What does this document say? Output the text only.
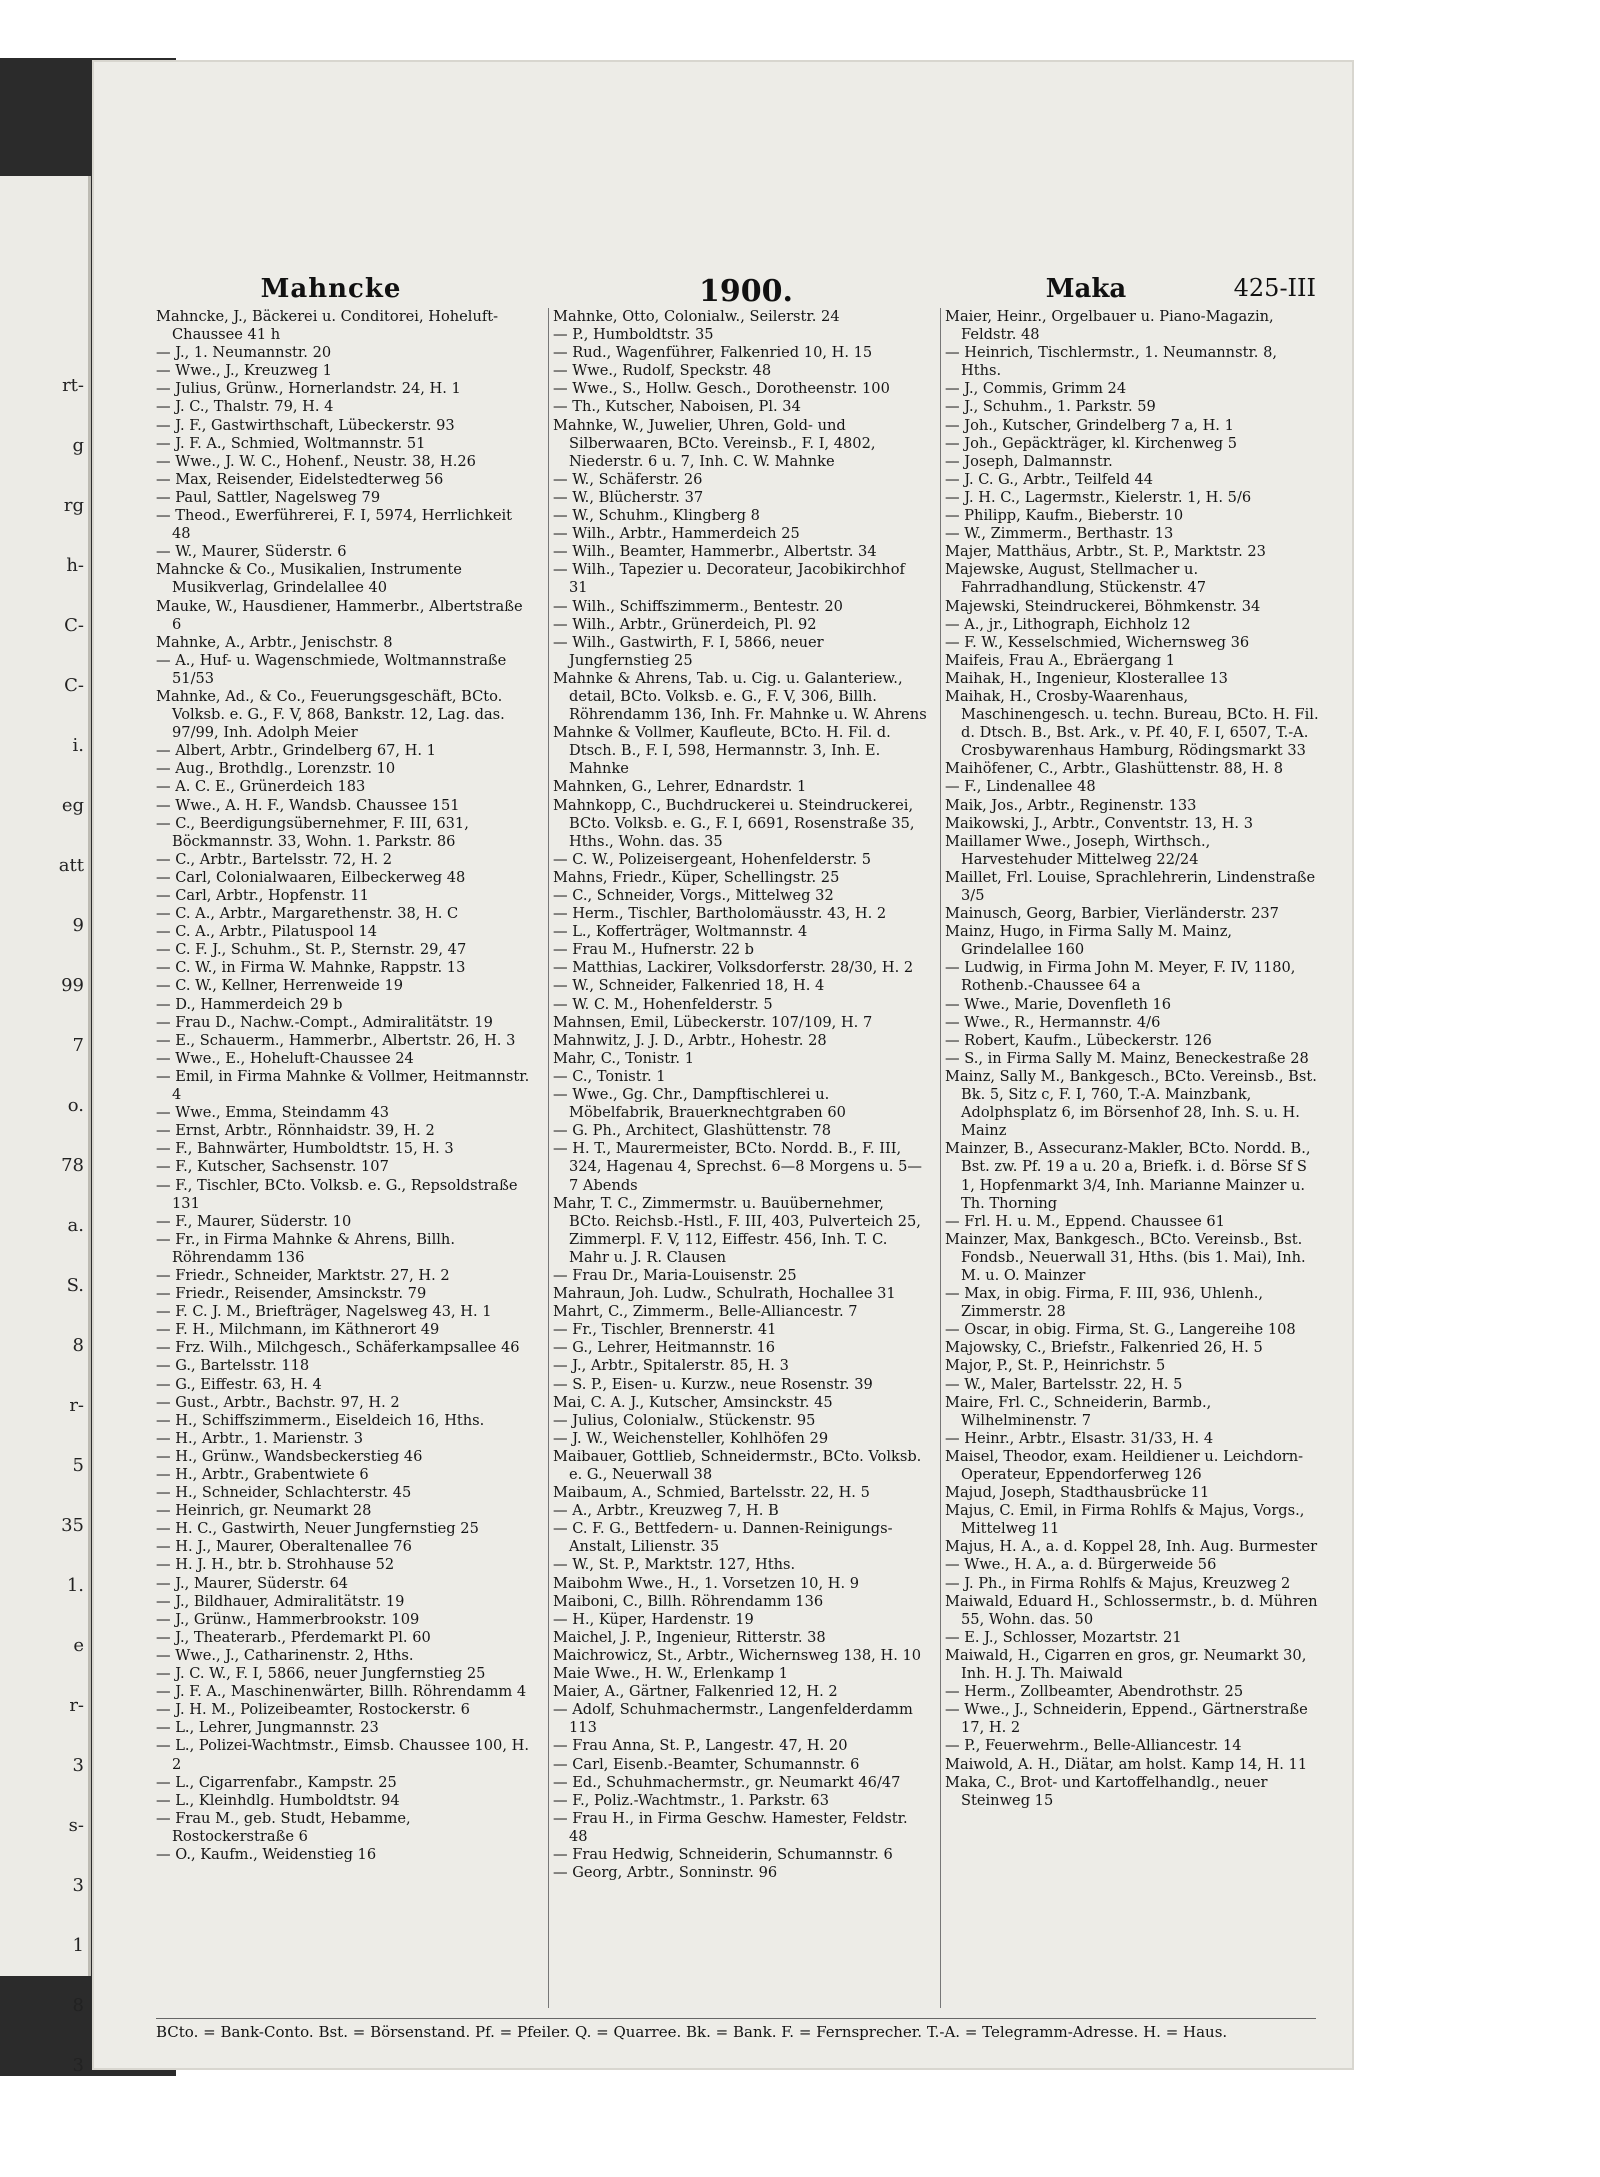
rt-
g
rg
h-
C-
C-
i.
eg
att
9
99
7
o.
78
a.
S.
8
r-
5
35
1.
e
r-
3
s-
3
1
8
3
Mahncke	1900.	Maka	425-III
Mahncke, J., Bäckerei u. Conditorei, Hoheluft-Chaussee 41 h
— J., 1. Neumannstr. 20
— Wwe., J., Kreuzweg 1
— Julius, Grünw., Hornerlandstr. 24, H. 1
— J. C., Thalstr. 79, H. 4
— J. F., Gastwirthschaft, Lübeckerstr. 93
— J. F. A., Schmied, Woltmannstr. 51
— Wwe., J. W. C., Hohenf., Neustr. 38, H.26
— Max, Reisender, Eidelstedterweg 56
— Paul, Sattler, Nagelsweg 79
— Theod., Ewerführerei, F. I, 5974, Herrlichkeit 48
— W., Maurer, Süderstr. 6
Mahncke & Co., Musikalien, Instrumente Musikverlag, Grindelallee 40
Mauke, W., Hausdiener, Hammerbr., Albertstraße 6
Mahnke, A., Arbtr., Jenischstr. 8
— A., Huf- u. Wagenschmiede, Woltmannstraße 51/53
Mahnke, Ad., & Co., Feuerungsgeschäft, BCto. Volksb. e. G., F. V, 868, Bankstr. 12, Lag. das. 97/99, Inh. Adolph Meier
— Albert, Arbtr., Grindelberg 67, H. 1
— Aug., Brothdlg., Lorenzstr. 10
— A. C. E., Grünerdeich 183
— Wwe., A. H. F., Wandsb. Chaussee 151
— C., Beerdigungsübernehmer, F. III, 631, Böckmannstr. 33, Wohn. 1. Parkstr. 86
— C., Arbtr., Bartelsstr. 72, H. 2
— Carl, Colonialwaaren, Eilbeckerweg 48
— Carl, Arbtr., Hopfenstr. 11
— C. A., Arbtr., Margarethenstr. 38, H. C
— C. A., Arbtr., Pilatuspool 14
— C. F. J., Schuhm., St. P., Sternstr. 29, 47
— C. W., in Firma W. Mahnke, Rappstr. 13
— C. W., Kellner, Herrenweide 19
— D., Hammerdeich 29 b
— Frau D., Nachw.-Compt., Admiralitätstr. 19
— E., Schauerm., Hammerbr., Albertstr. 26, H. 3
— Wwe., E., Hoheluft-Chaussee 24
— Emil, in Firma Mahnke & Vollmer, Heitmannstr. 4
— Wwe., Emma, Steindamm 43
— Ernst, Arbtr., Rönnhaidstr. 39, H. 2
— F., Bahnwärter, Humboldtstr. 15, H. 3
— F., Kutscher, Sachsenstr. 107
— F., Tischler, BCto. Volksb. e. G., Repsoldstraße 131
— F., Maurer, Süderstr. 10
— Fr., in Firma Mahnke & Ahrens, Billh. Röhrendamm 136
— Friedr., Schneider, Marktstr. 27, H. 2
— Friedr., Reisender, Amsinckstr. 79
— F. C. J. M., Briefträger, Nagelsweg 43, H. 1
— F. H., Milchmann, im Käthnerort 49
— Frz. Wilh., Milchgesch., Schäferkampsallee 46
— G., Bartelsstr. 118
— G., Eiffestr. 63, H. 4
— Gust., Arbtr., Bachstr. 97, H. 2
— H., Schiffszimmerm., Eiseldeich 16, Hths.
— H., Arbtr., 1. Marienstr. 3
— H., Grünw., Wandsbeckerstieg 46
— H., Arbtr., Grabentwiete 6
— H., Schneider, Schlachterstr. 45
— Heinrich, gr. Neumarkt 28
— H. C., Gastwirth, Neuer Jungfernstieg 25
— H. J., Maurer, Oberaltenallee 76
— H. J. H., btr. b. Strohhause 52
— J., Maurer, Süderstr. 64
— J., Bildhauer, Admiralitätstr. 19
— J., Grünw., Hammerbrookstr. 109
— J., Theaterarb., Pferdemarkt Pl. 60
— Wwe., J., Catharinenstr. 2, Hths.
— J. C. W., F. I, 5866, neuer Jungfernstieg 25
— J. F. A., Maschinenwärter, Billh. Röhrendamm 4
— J. H. M., Polizeibeamter, Rostockerstr. 6
— L., Lehrer, Jungmannstr. 23
— L., Polizei-Wachtmstr., Eimsb. Chaussee 100, H. 2
— L., Cigarrenfabr., Kampstr. 25
— L., Kleinhdlg. Humboldtstr. 94
— Frau M., geb. Studt, Hebamme, Rostockerstraße 6
— O., Kaufm., Weidenstieg 16
Mahnke, Otto, Colonialw., Seilerstr. 24
— P., Humboldtstr. 35
— Rud., Wagenführer, Falkenried 10, H. 15
— Wwe., Rudolf, Speckstr. 48
— Wwe., S., Hollw. Gesch., Dorotheenstr. 100
— Th., Kutscher, Naboisen, Pl. 34
Mahnke, W., Juwelier, Uhren, Gold- und Silberwaaren, BCto. Vereinsb., F. I, 4802, Niederstr. 6 u. 7, Inh. C. W. Mahnke
— W., Schäferstr. 26
— W., Blücherstr. 37
— W., Schuhm., Klingberg 8
— Wilh., Arbtr., Hammerdeich 25
— Wilh., Beamter, Hammerbr., Albertstr. 34
— Wilh., Tapezier u. Decorateur, Jacobikirchhof 31
— Wilh., Schiffszimmerm., Bentestr. 20
— Wilh., Arbtr., Grünerdeich, Pl. 92
— Wilh., Gastwirth, F. I, 5866, neuer Jungfernstieg 25
Mahnke & Ahrens, Tab. u. Cig. u. Galanteriew., detail, BCto. Volksb. e. G., F. V, 306, Billh. Röhrendamm 136, Inh. Fr. Mahnke u. W. Ahrens
Mahnke & Vollmer, Kaufleute, BCto. H. Fil. d. Dtsch. B., F. I, 598, Hermannstr. 3, Inh. E. Mahnke
Mahnken, G., Lehrer, Ednardstr. 1
Mahnkopp, C., Buchdruckerei u. Steindruckerei, BCto. Volksb. e. G., F. I, 6691, Rosenstraße 35, Hths., Wohn. das. 35
— C. W., Polizeisergeant, Hohenfelderstr. 5
Mahns, Friedr., Küper, Schellingstr. 25
— C., Schneider, Vorgs., Mittelweg 32
— Herm., Tischler, Bartholomäusstr. 43, H. 2
— L., Kofferträger, Woltmannstr. 4
— Frau M., Hufnerstr. 22 b
— Matthias, Lackirer, Volksdorferstr. 28/30, H. 2
— W., Schneider, Falkenried 18, H. 4
— W. C. M., Hohenfelderstr. 5
Mahnsen, Emil, Lübeckerstr. 107/109, H. 7
Mahnwitz, J. J. D., Arbtr., Hohestr. 28
Mahr, C., Tonistr. 1
— C., Tonistr. 1
— Wwe., Gg. Chr., Dampftischlerei u. Möbelfabrik, Brauerknechtgraben 60
— G. Ph., Architect, Glashüttenstr. 78
— H. T., Maurermeister, BCto. Nordd. B., F. III, 324, Hagenau 4, Sprechst. 6—8 Morgens u. 5—7 Abends
Mahr, T. C., Zimmermstr. u. Bauübernehmer, BCto. Reichsb.-Hstl., F. III, 403, Pulverteich 25, Zimmerpl. F. V, 112, Eiffestr. 456, Inh. T. C. Mahr u. J. R. Clausen
— Frau Dr., Maria-Louisenstr. 25
Mahraun, Joh. Ludw., Schulrath, Hochallee 31
Mahrt, C., Zimmerm., Belle-Alliancestr. 7
— Fr., Tischler, Brennerstr. 41
— G., Lehrer, Heitmannstr. 16
— J., Arbtr., Spitalerstr. 85, H. 3
— S. P., Eisen- u. Kurzw., neue Rosenstr. 39
Mai, C. A. J., Kutscher, Amsinckstr. 45
— Julius, Colonialw., Stückenstr. 95
— J. W., Weichensteller, Kohlhöfen 29
Maibauer, Gottlieb, Schneidermstr., BCto. Volksb. e. G., Neuerwall 38
Maibaum, A., Schmied, Bartelsstr. 22, H. 5
— A., Arbtr., Kreuzweg 7, H. B
— C. F. G., Bettfedern- u. Dannen-Reinigungs-Anstalt, Lilienstr. 35
— W., St. P., Marktstr. 127, Hths.
Maibohm Wwe., H., 1. Vorsetzen 10, H. 9
Maiboni, C., Billh. Röhrendamm 136
— H., Küper, Hardenstr. 19
Maichel, J. P., Ingenieur, Ritterstr. 38
Maichrowicz, St., Arbtr., Wichernsweg 138, H. 10
Maie Wwe., H. W., Erlenkamp 1
Maier, A., Gärtner, Falkenried 12, H. 2
— Adolf, Schuhmachermstr., Langenfelderdamm 113
— Frau Anna, St. P., Langestr. 47, H. 20
— Carl, Eisenb.-Beamter, Schumannstr. 6
— Ed., Schuhmachermstr., gr. Neumarkt 46/47
— F., Poliz.-Wachtmstr., 1. Parkstr. 63
— Frau H., in Firma Geschw. Hamester, Feldstr. 48
— Frau Hedwig, Schneiderin, Schumannstr. 6
— Georg, Arbtr., Sonninstr. 96
Maier, Heinr., Orgelbauer u. Piano-Magazin, Feldstr. 48
— Heinrich, Tischlermstr., 1. Neumannstr. 8, Hths.
— J., Commis, Grimm 24
— J., Schuhm., 1. Parkstr. 59
— Joh., Kutscher, Grindelberg 7 a, H. 1
— Joh., Gepäckträger, kl. Kirchenweg 5
— Joseph, Dalmannstr.
— J. C. G., Arbtr., Teilfeld 44
— J. H. C., Lagermstr., Kielerstr. 1, H. 5/6
— Philipp, Kaufm., Bieberstr. 10
— W., Zimmerm., Berthastr. 13
Majer, Matthäus, Arbtr., St. P., Marktstr. 23
Majewske, August, Stellmacher u. Fahrradhandlung, Stückenstr. 47
Majewski, Steindruckerei, Böhmkenstr. 34
— A., jr., Lithograph, Eichholz 12
— F. W., Kesselschmied, Wichernsweg 36
Maifeis, Frau A., Ebräergang 1
Maihak, H., Ingenieur, Klosterallee 13
Maihak, H., Crosby-Waarenhaus, Maschinengesch. u. techn. Bureau, BCto. H. Fil. d. Dtsch. B., Bst. Ark., v. Pf. 40, F. I, 6507, T.-A. Crosbywarenhaus Hamburg, Rödingsmarkt 33
Maihöfener, C., Arbtr., Glashüttenstr. 88, H. 8
— F., Lindenallee 48
Maik, Jos., Arbtr., Reginenstr. 133
Maikowski, J., Arbtr., Conventstr. 13, H. 3
Maillamer Wwe., Joseph, Wirthsch., Harvestehuder Mittelweg 22/24
Maillet, Frl. Louise, Sprachlehrerin, Lindenstraße 3/5
Mainusch, Georg, Barbier, Vierländerstr. 237
Mainz, Hugo, in Firma Sally M. Mainz, Grindelallee 160
— Ludwig, in Firma John M. Meyer, F. IV, 1180, Rothenb.-Chaussee 64 a
— Wwe., Marie, Dovenfleth 16
— Wwe., R., Hermannstr. 4/6
— Robert, Kaufm., Lübeckerstr. 126
— S., in Firma Sally M. Mainz, Beneckestraße 28
Mainz, Sally M., Bankgesch., BCto. Vereinsb., Bst. Bk. 5, Sitz c, F. I, 760, T.-A. Mainzbank, Adolphsplatz 6, im Börsenhof 28, Inh. S. u. H. Mainz
Mainzer, B., Assecuranz-Makler, BCto. Nordd. B., Bst. zw. Pf. 19 a u. 20 a, Briefk. i. d. Börse Sf S 1, Hopfenmarkt 3/4, Inh. Marianne Mainzer u. Th. Thorning
— Frl. H. u. M., Eppend. Chaussee 61
Mainzer, Max, Bankgesch., BCto. Vereinsb., Bst. Fondsb., Neuerwall 31, Hths. (bis 1. Mai), Inh. M. u. O. Mainzer
— Max, in obig. Firma, F. III, 936, Uhlenh., Zimmerstr. 28
— Oscar, in obig. Firma, St. G., Langereihe 108
Majowsky, C., Briefstr., Falkenried 26, H. 5
Major, P., St. P., Heinrichstr. 5
— W., Maler, Bartelsstr. 22, H. 5
Maire, Frl. C., Schneiderin, Barmb., Wilhelminenstr. 7
— Heinr., Arbtr., Elsastr. 31/33, H. 4
Maisel, Theodor, exam. Heildiener u. Leichdorn-Operateur, Eppendorferweg 126
Majud, Joseph, Stadthausbrücke 11
Majus, C. Emil, in Firma Rohlfs & Majus, Vorgs., Mittelweg 11
Majus, H. A., a. d. Koppel 28, Inh. Aug. Burmester
— Wwe., H. A., a. d. Bürgerweide 56
— J. Ph., in Firma Rohlfs & Majus, Kreuzweg 2
Maiwald, Eduard H., Schlossermstr., b. d. Mühren 55, Wohn. das. 50
— E. J., Schlosser, Mozartstr. 21
Maiwald, H., Cigarren en gros, gr. Neumarkt 30, Inh. H. J. Th. Maiwald
— Herm., Zollbeamter, Abendrothstr. 25
— Wwe., J., Schneiderin, Eppend., Gärtnerstraße 17, H. 2
— P., Feuerwehrm., Belle-Alliancestr. 14
Maiwold, A. H., Diätar, am holst. Kamp 14, H. 11
Maka, C., Brot- und Kartoffelhandlg., neuer Steinweg 15
BCto. = Bank-Conto. Bst. = Börsenstand. Pf. = Pfeiler. Q. = Quarree. Bk. = Bank. F. = Fernsprecher. T.-A. = Telegramm-Adresse. H. = Haus.
